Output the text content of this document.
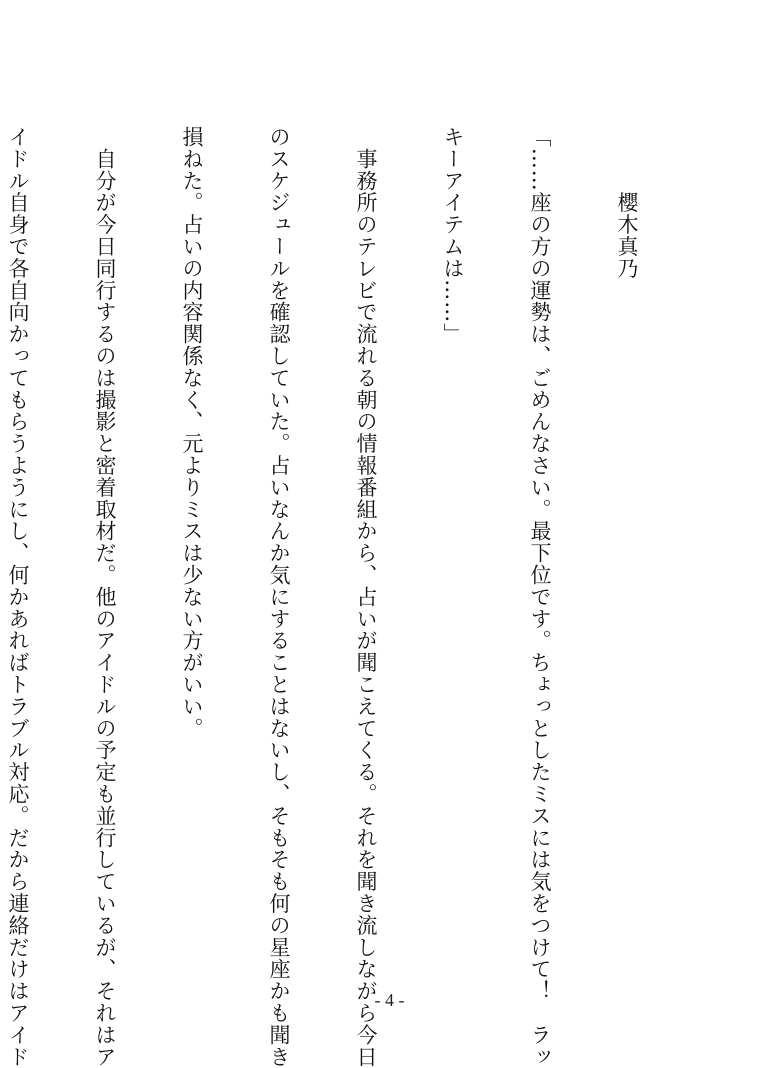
　　　櫻木真乃

「……座の方の運勢は、ごめんなさい。最下位です。ちょっとしたミスには気をつけて！　ラッ

キーアイテムは……」

　事務所のテレビで流れる朝の情報番組から、占いが聞こえてくる。それを聞き流しながら今日

のスケジュールを確認していた。占いなんか気にすることはないし、そもそも何の星座かも聞き

損ねた。占いの内容関係なく、元よりミスは少ない方がいい。

　自分が今日同行するのは撮影と密着取材だ。他のアイドルの予定も並行しているが、それはア

イドル自身で各自向かってもらうようにし、何かあればトラブル対応。だから連絡だけはアイド

	- 4 -
